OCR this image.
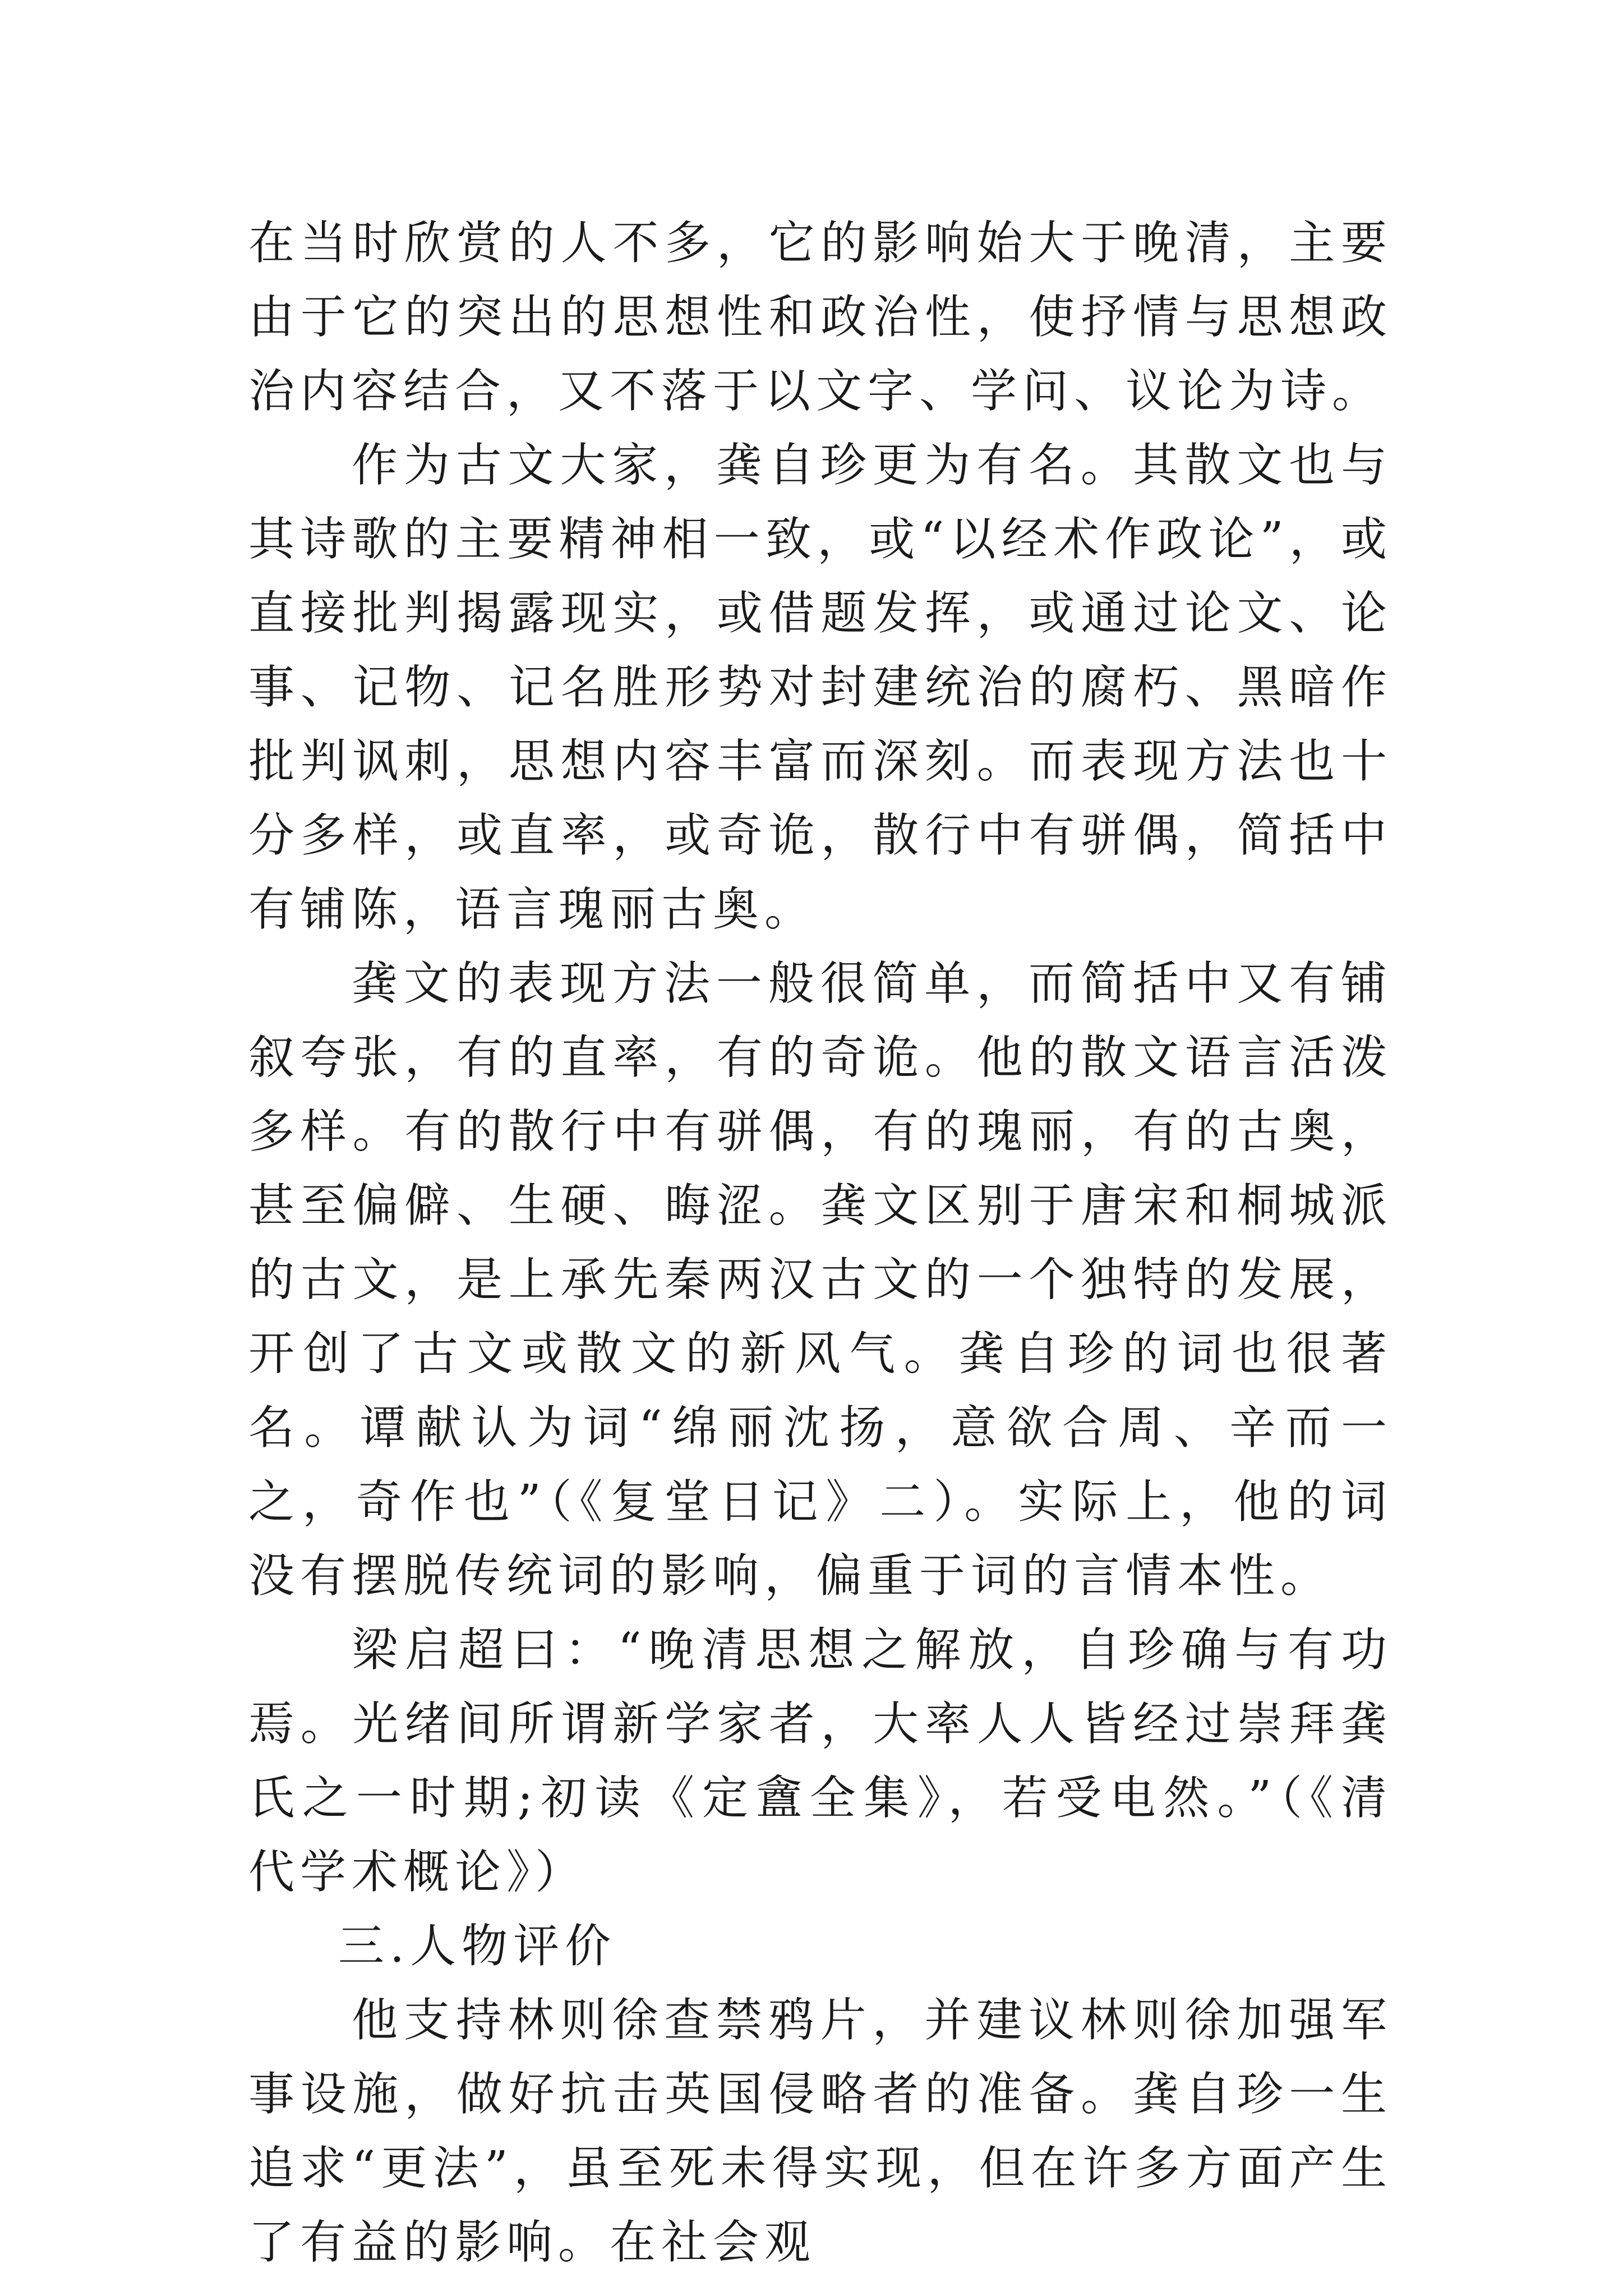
在当时欣赏的人不多，它的影响始大于晚清，主要由于它的突出的思想性和政治性，使抒情与思想政治内容结合，又不落于以文字、学问、议论为诗。

作为古文大家，龚自珍更为有名。其散文也与其诗歌的主要精神相一致，或“以经术作政论”，或直接批判揭露现实，或借题发挥，或通过论文、论事、记物、记名胜形势对封建统治的腐朽、黑暗作批判讽刺，思想内容丰富而深刻。而表现方法也十分多样，或直率，或奇诡，散行中有骈偶，简括中有铺陈，语言瑰丽古奥。

龚文的表现方法一般很简单，而简括中又有铺叙夸张，有的直率，有的奇诡。他的散文语言活泼多样。有的散行中有骈偶，有的瑰丽，有的古奥，甚至偏僻、生硬、晦涩。龚文区别于唐宋和桐城派的古文，是上承先秦两汉古文的一个独特的发展，开创了古文或散文的新风气。龚自珍的词也很著名。谭献认为词“绵丽沈扬，意欲合周、辛而一之，奇作也”（《复堂日记》二）。实际上，他的词没有摆脱传统词的影响，偏重于词的言情本性。

梁启超曰：“晚清思想之解放，自珍确与有功焉。光绪间所谓新学家者，大率人人皆经过崇拜龚氏之一时期;初读《定盦全集》，若受电然。”（《清代学术概论》）

三.人物评价

他支持林则徐查禁鸦片，并建议林则徐加强军事设施，做好抗击英国侵略者的准备。龚自珍一生追求“更法”，虽至死未得实现，但在许多方面产生了有益的影响。在社会观
